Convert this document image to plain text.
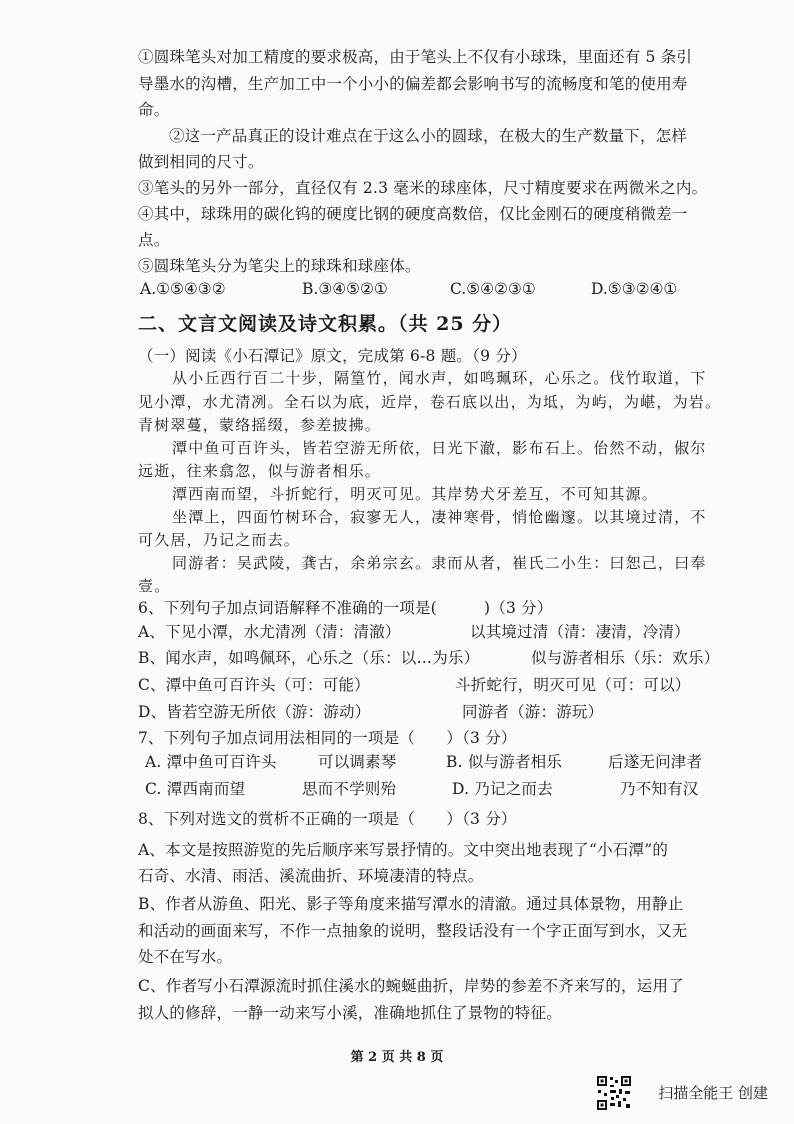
①圆珠笔头对加工精度的要求极高，由于笔头上不仅有小球珠，里面还有 5 条引
导墨水的沟槽，生产加工中一个小小的偏差都会影响书写的流畅度和笔的使用寿
命。
②这一产品真正的设计难点在于这么小的圆球，在极大的生产数量下，怎样
做到相同的尺寸。
③笔头的另外一部分，直径仅有 2.3 毫米的球座体，尺寸精度要求在两微米之内。
④其中，球珠用的碳化钨的硬度比钢的硬度高数倍，仅比金刚石的硬度稍微差一
点。
⑤圆珠笔头分为笔尖上的球珠和球座体。
A.①⑤④③②	B.③④⑤②①	C.⑤④②③①	D.⑤③②④①
二、文言文阅读及诗文积累。（共 25 分）
（一）阅读《小石潭记》原文，完成第 6-8 题。（9 分）
从小丘西行百二十步，隔篁竹，闻水声，如鸣珮环，心乐之。伐竹取道，下
见小潭，水尤清冽。全石以为底，近岸，卷石底以出，为坻，为屿，为嵁，为岩。
青树翠蔓，蒙络摇缀，参差披拂。
潭中鱼可百许头，皆若空游无所依，日光下澈，影布石上。佁然不动，俶尔
远逝，往来翕忽，似与游者相乐。
潭西南而望，斗折蛇行，明灭可见。其岸势犬牙差互，不可知其源。
坐潭上，四面竹树环合，寂寥无人，凄神寒骨，悄怆幽邃。以其境过清，不
可久居，乃记之而去。
同游者：吴武陵，龚古，余弟宗玄。隶而从者，崔氏二小生：曰恕己，曰奉
壹。
6、下列句子加点词语解释不准确的一项是(　　　)（3 分）
A、下见小潭，水尤清冽（清：清澈）	以其境过清（清：凄清，冷清）
B、闻水声，如鸣佩环，心乐之（乐：以…为乐）	似与游者相乐（乐：欢乐）
C、潭中鱼可百许头（可：可能）	斗折蛇行，明灭可见（可：可以）
D、皆若空游无所依（游：游动）	同游者（游：游玩）
7、下列句子加点词用法相同的一项是（　　）（3 分）
A. 潭中鱼可百许头	可以调素琴	B. 似与游者相乐	后遂无问津者
C. 潭西南而望	思而不学则殆	D. 乃记之而去	乃不知有汉
8、下列对选文的赏析不正确的一项是（　　）（3 分）
A、本文是按照游览的先后顺序来写景抒情的。文中突出地表现了“小石潭”的
石奇、水清、雨活、溪流曲折、环境凄清的特点。
B、作者从游鱼、阳光、影子等角度来描写潭水的清澈。通过具体景物，用静止
和活动的画面来写，不作一点抽象的说明，整段话没有一个字正面写到水，又无
处不在写水。
C、作者写小石潭源流时抓住溪水的蜿蜒曲折，岸势的参差不齐来写的，运用了
拟人的修辞，一静一动来写小溪，准确地抓住了景物的特征。
第 2 页 共 8 页
扫描全能王 创建
